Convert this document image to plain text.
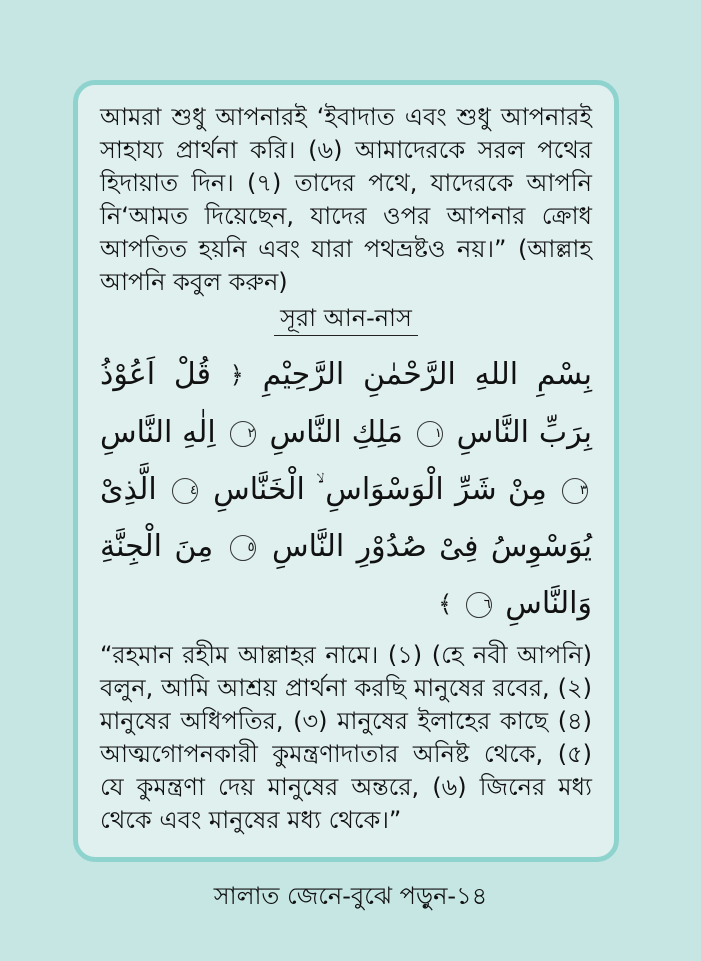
আমরা শুধু আপনারই ‘ইবাদাত এবং শুধু আপনারই সাহায্য প্রার্থনা করি। (৬) আমাদেরকে সরল পথের হিদায়াত দিন। (৭) তাদের পথে, যাদেরকে আপনি নি‘আমত দিয়েছেন, যাদের ওপর আপনার ক্রোধ আপতিত হয়নি এবং যারা পথভ্রষ্টও নয়।” (আল্লাহ আপনি কবুল করুন)

সূরা আন-নাস
بِسْمِ اللهِ الرَّحْمٰنِ الرَّحِيْمِ ﴿ قُلْ اَعُوْذُ بِرَبِّ النَّاسِ ١ مَلِكِ النَّاسِ ٢ اِلٰهِ النَّاسِ ٣ مِنْ شَرِّ الْوَسْوَاسِ ۙ الْخَنَّاسِ ٤ الَّذِیْ یُوَسْوِسُ فِیْ صُدُوْرِ النَّاسِ ٥ مِنَ الْجِنَّةِ وَالنَّاسِ ٦ ﴾

“রহমান রহীম আল্লাহর নামে। (১) (হে নবী আপনি) বলুন, আমি আশ্রয় প্রার্থনা করছি মানুষের রবের, (২) মানুষের অধিপতির, (৩) মানুষের ইলাহের কাছে (৪) আত্মগোপনকারী কুমন্ত্রণাদাতার অনিষ্ট থেকে, (৫) যে কুমন্ত্রণা দেয় মানুষের অন্তরে, (৬) জিনের মধ্য থেকে এবং মানুষের মধ্য থেকে।”

সালাত জেনে-বুঝে পড়ুন-১৪
